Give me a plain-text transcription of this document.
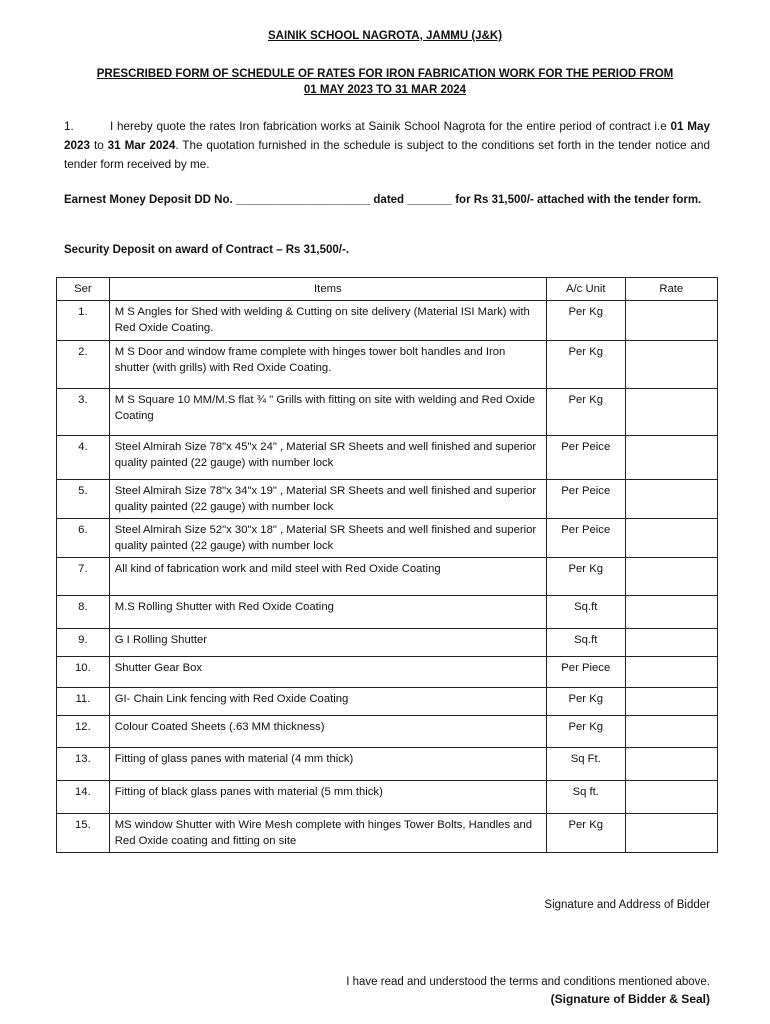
SAINIK SCHOOL NAGROTA, JAMMU (J&K)
PRESCRIBED FORM OF SCHEDULE OF RATES FOR IRON FABRICATION WORK FOR THE PERIOD FROM
01 MAY 2023 TO 31 MAR 2024
1.	I hereby quote the rates Iron fabrication works at Sainik School Nagrota for the entire period of contract i.e 01 May 2023 to 31 Mar 2024. The quotation furnished in the schedule is subject to the conditions set forth in the tender notice and tender form received by me.
Earnest Money Deposit DD No. _____________________ dated _______ for Rs 31,500/- attached with the tender form.
Security Deposit on award of Contract – Rs 31,500/-.
Ser	Items	A/c Unit	Rate
1.	M S Angles for Shed with welding & Cutting on site delivery (Material ISI Mark) with Red Oxide Coating.	Per Kg	
2.	M S Door and window frame complete with hinges tower bolt handles and Iron shutter (with grills) with Red Oxide Coating.	Per Kg	
3.	M S Square 10 MM/M.S flat ¾ " Grills with fitting on site with welding and Red Oxide Coating	Per Kg	
4.	Steel Almirah Size 78"x 45"x 24" , Material SR Sheets and well finished and superior quality painted (22 gauge) with number lock	Per Peice	
5.	Steel Almirah Size 78"x 34"x 19" , Material SR Sheets and well finished and superior quality painted (22 gauge) with number lock	Per Peice	
6.	Steel Almirah Size 52"x 30"x 18" , Material SR Sheets and well finished and superior quality painted (22 gauge) with number lock	Per Peice	
7.	All kind of fabrication work and mild steel with Red Oxide Coating	Per Kg	
8.	M.S Rolling Shutter with Red Oxide Coating	Sq.ft	
9.	G I Rolling Shutter	Sq.ft	
10.	Shutter Gear Box	Per Piece	
11.	GI- Chain Link fencing with Red Oxide Coating	Per Kg	
12.	Colour Coated Sheets (.63 MM thickness)	Per Kg	
13.	Fitting of glass panes with material (4 mm thick)	Sq Ft.	
14.	Fitting of black glass panes with material (5 mm thick)	Sq ft.	
15.	MS window Shutter with Wire Mesh complete with hinges Tower Bolts, Handles and Red Oxide coating and fitting on site	Per Kg	
Signature and Address of Bidder
I have read and understood the terms and conditions mentioned above.
(Signature of Bidder & Seal)
